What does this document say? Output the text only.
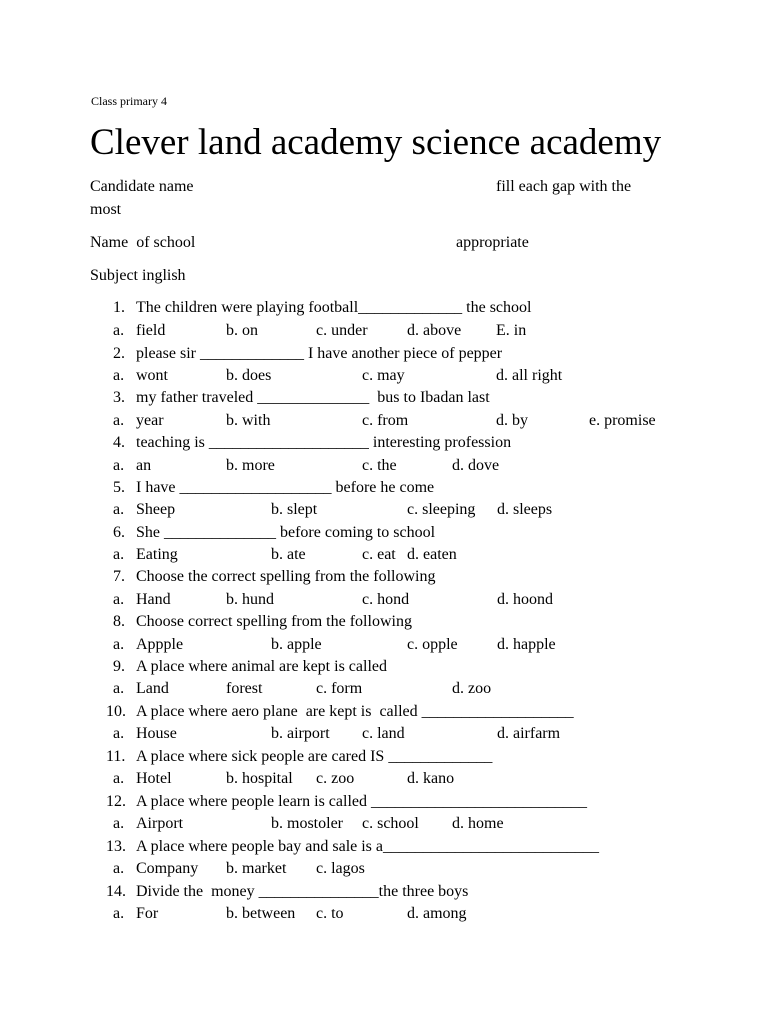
Class primary 4
Clever land academy science academy
Candidate name	fill each gap with the
most
Name  of school	appropriate
Subject inglish
1. The children were playing football_____________ the school
a. field	b. on	c. under d. above E. in
2. please sir _____________ I have another piece of pepper
a. wont	b. does	c. may	d. all right
3. my father traveled ______________  bus to Ibadan last
a. year	b. with	c. from	d. by	e. promise
4. teaching is ____________________ interesting profession
a. an	b. more	c. the	d. dove
5. I have ___________________ before he come
a. Sheep	b. slept	c. sleeping d. sleeps
6. She ______________ before coming to school
a. Eating	b. ate	c. eat d. eaten
7. Choose the correct spelling from the following
a. Hand	b. hund	c. hond	d. hoond
8. Choose correct spelling from the following
a. Appple	b. apple	c. opple d. happle
9. A place where animal are kept is called
a. Land	forest	c. form	d. zoo
10. A place where aero plane  are kept is  called ___________________
a. House	b. airport c. land	d. airfarm
11. A place where sick people are cared IS _____________
a. Hotel	b. hospital c. zoo	d. kano
12. A place where people learn is called ___________________________
a. Airport	b. mostoler c. school d. home
13. A place where people bay and sale is a___________________________
a. Company b. market c. lagos
14. Divide the  money _______________the three boys
a. For	b. between c. to	d. among
